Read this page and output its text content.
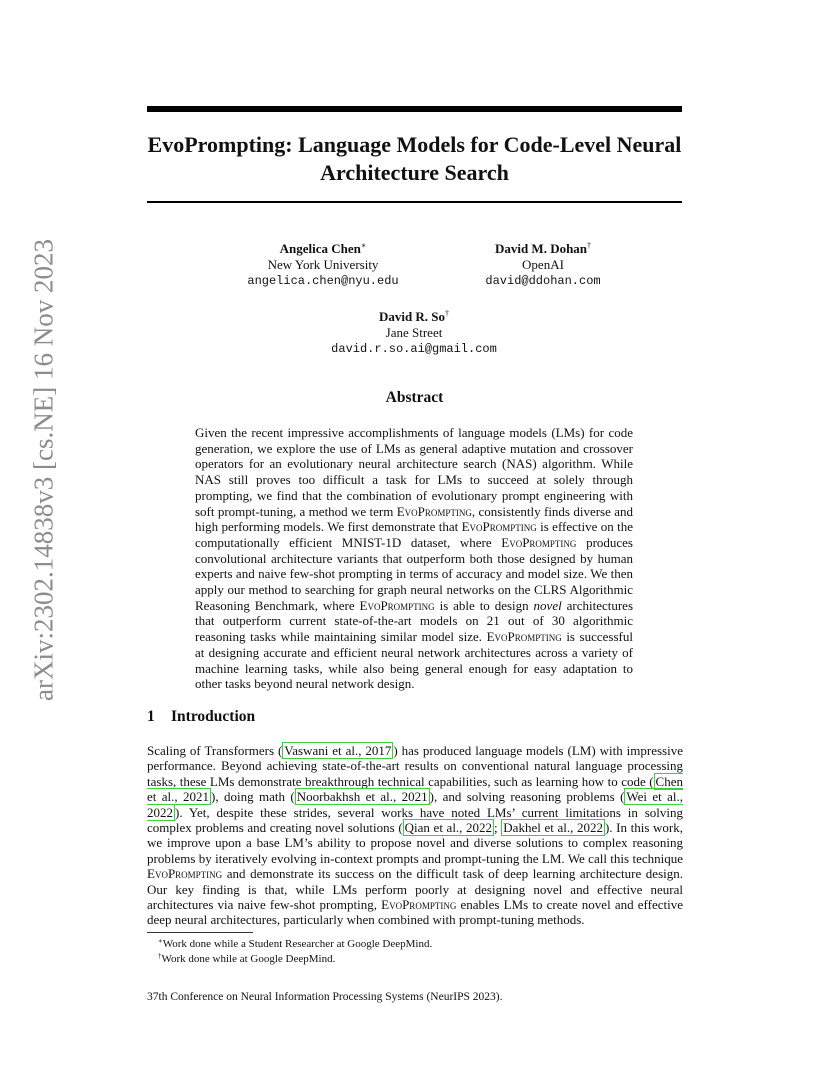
arXiv:2302.14838v3 [cs.NE] 16 Nov 2023
EvoPrompting: Language Models for Code-Level Neural Architecture Search
Angelica Chen∗
New York University
angelica.chen@nyu.edu
David M. Dohan†
OpenAI
david@ddohan.com
David R. So†
Jane Street
david.r.so.ai@gmail.com
Abstract

Given the recent impressive accomplishments of language models (LMs) for code generation, we explore the use of LMs as general adaptive mutation and crossover operators for an evolutionary neural architecture search (NAS) algorithm. While NAS still proves too difficult a task for LMs to succeed at solely through prompting, we find that the combination of evolutionary prompt engineering with soft prompt-tuning, a method we term EvoPrompting, consistently finds diverse and high performing models. We first demonstrate that EvoPrompting is effective on the computationally efficient MNIST-1D dataset, where EvoPrompting produces convolutional architecture variants that outperform both those designed by human experts and naive few-shot prompting in terms of accuracy and model size. We then apply our method to searching for graph neural networks on the CLRS Algorithmic Reasoning Benchmark, where EvoPrompting is able to design novel architectures that outperform current state-of-the-art models on 21 out of 30 algorithmic reasoning tasks while maintaining similar model size. EvoPrompting is successful at designing accurate and efficient neural network architectures across a variety of machine learning tasks, while also being general enough for easy adaptation to other tasks beyond neural network design.

1 Introduction

Scaling of Transformers ( Vaswani et al., 2017 ) has produced language models (LM) with impressive performance. Beyond achieving state-of-the-art results on conventional natural language processing tasks, these LMs demonstrate breakthrough technical capabilities, such as learning how to code ( Chen et al., 2021 ), doing math ( Noorbakhsh et al., 2021 ), and solving reasoning problems ( Wei et al., 2022 ). Yet, despite these strides, several works have noted LMs’ current limitations in solving complex problems and creating novel solutions ( Qian et al., 2022 ; Dakhel et al., 2022 ). In this work, we improve upon a base LM’s ability to propose novel and diverse solutions to complex reasoning problems by iteratively evolving in-context prompts and prompt-tuning the LM. We call this technique EvoPrompting and demonstrate its success on the difficult task of deep learning architecture design. Our key finding is that, while LMs perform poorly at designing novel and effective neural architectures via naive few-shot prompting, EvoPrompting enables LMs to create novel and effective deep neural architectures, particularly when combined with prompt-tuning methods.

∗Work done while a Student Researcher at Google DeepMind.
†Work done while at Google DeepMind.
37th Conference on Neural Information Processing Systems (NeurIPS 2023).
